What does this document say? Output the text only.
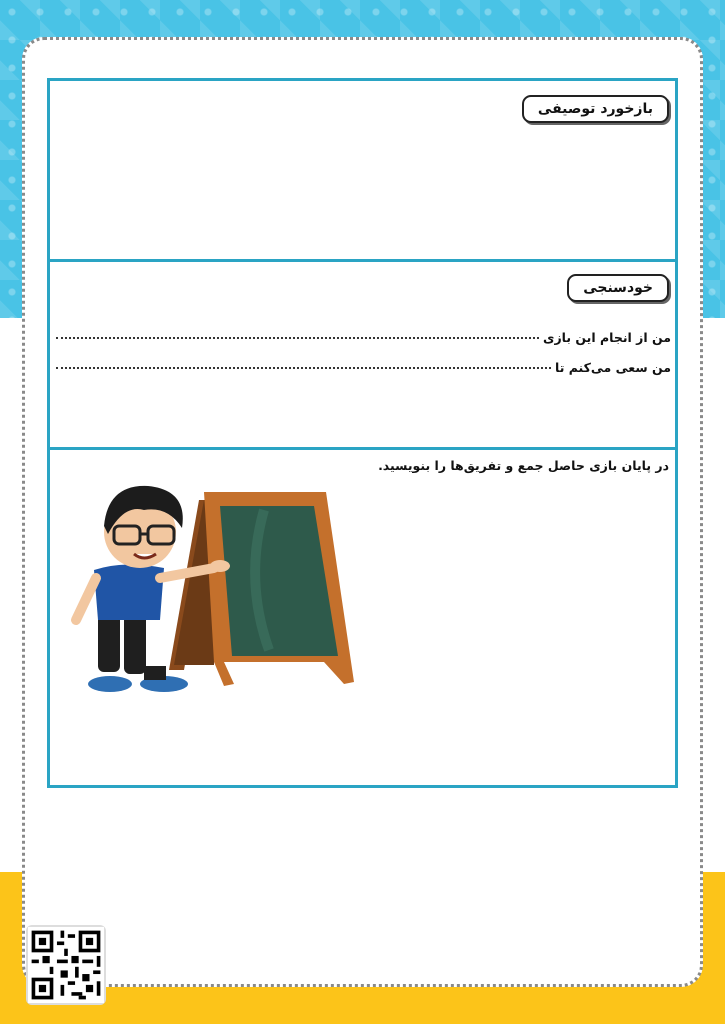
بازخورد توصیفی
خودسنجی
من از انجام این بازی
من سعی می‌کنم تا
در پایان بازی حاصل جمع و تفریق‌ها را بنویسید.
